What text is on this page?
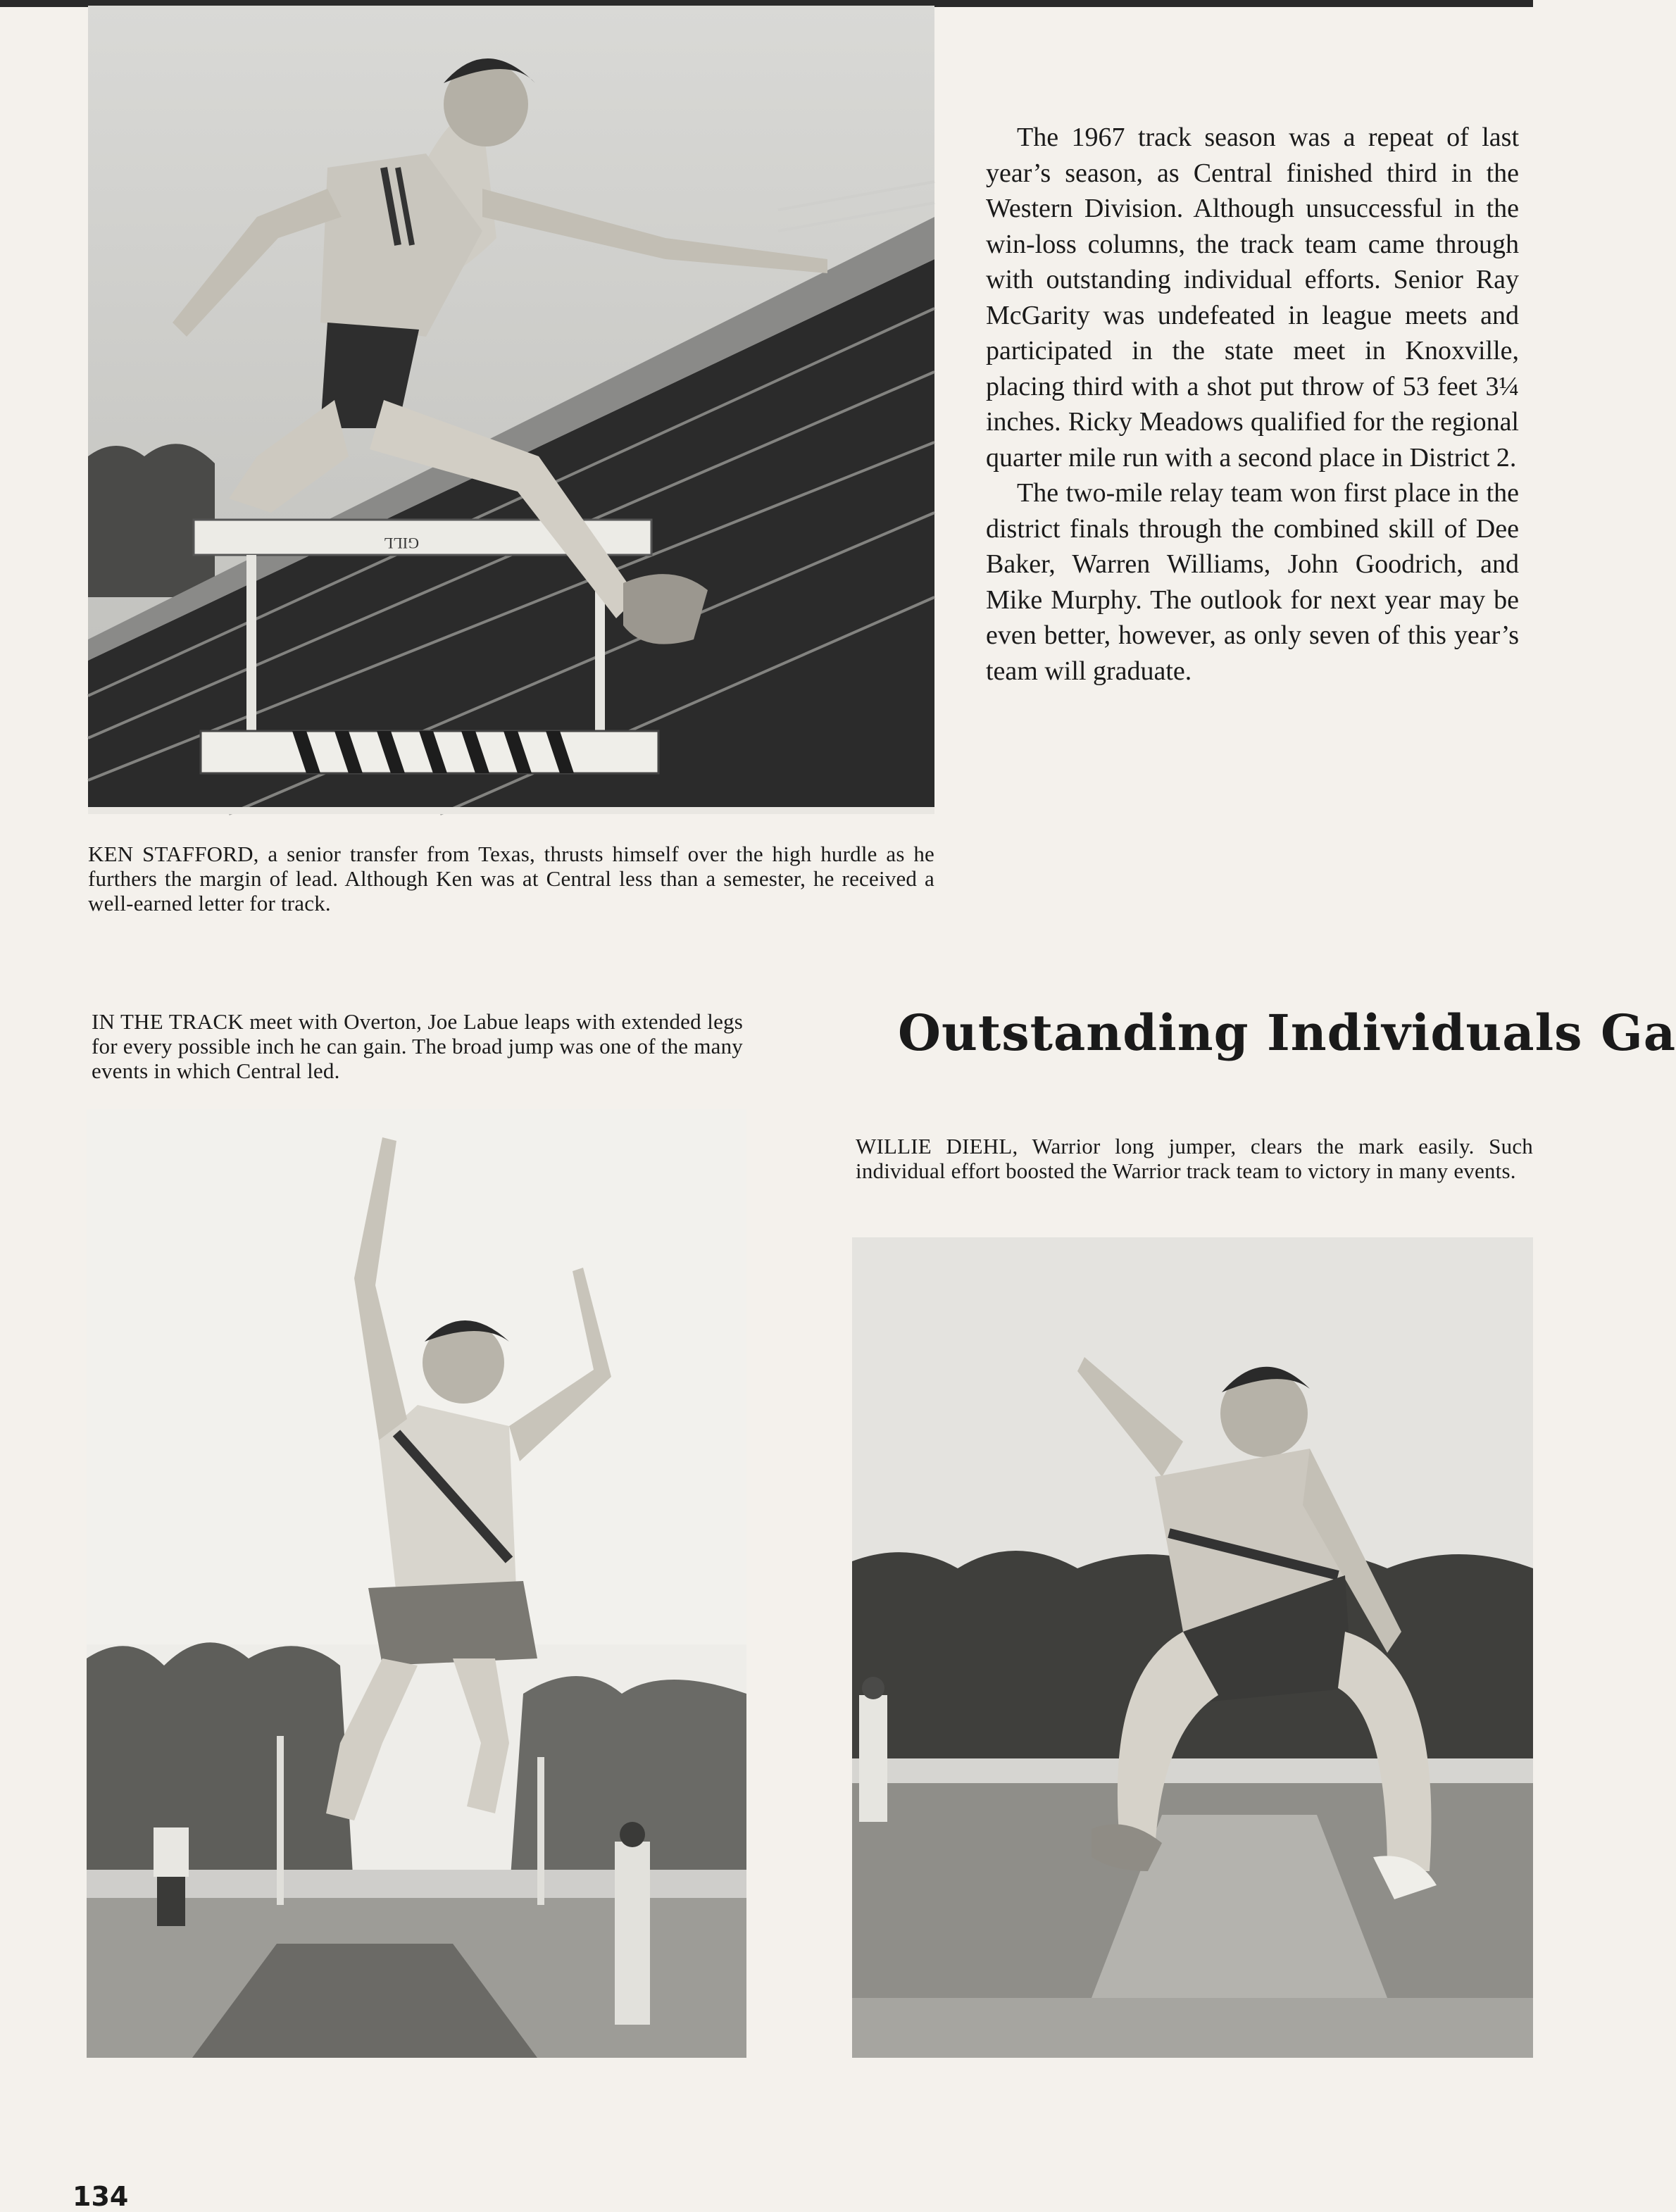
GILL
KEN STAFFORD, a senior transfer from Texas, thrusts himself over the high hurdle as he furthers the margin of lead. Although Ken was at Central less than a semester, he received a well-earned letter for track.

The 1967 track season was a repeat of last year’s season, as Central finished third in the Western Division. Although unsuccessful in the win-loss columns, the track team came through with outstanding individual efforts. Senior Ray McGarity was undefeated in league meets and participated in the state meet in Knoxville, placing third with a shot put throw of 53 feet 3¼ inches. Ricky Meadows qualified for the regional quarter mile run with a second place in District 2.

The two-mile relay team won first place in the district finals through the combined skill of Dee Baker, Warren Williams, John Goodrich, and Mike Murphy. The outlook for next year may be even better, however, as only seven of this year’s team will graduate.

IN THE TRACK meet with Overton, Joe Labue leaps with extended legs for every possible inch he can gain. The broad jump was one of the many events in which Central led.
Outstanding Individuals Ga
WILLIE DIEHL, Warrior long jumper, clears the mark easily. Such individual effort boosted the Warrior track team to victory in many events.
134
